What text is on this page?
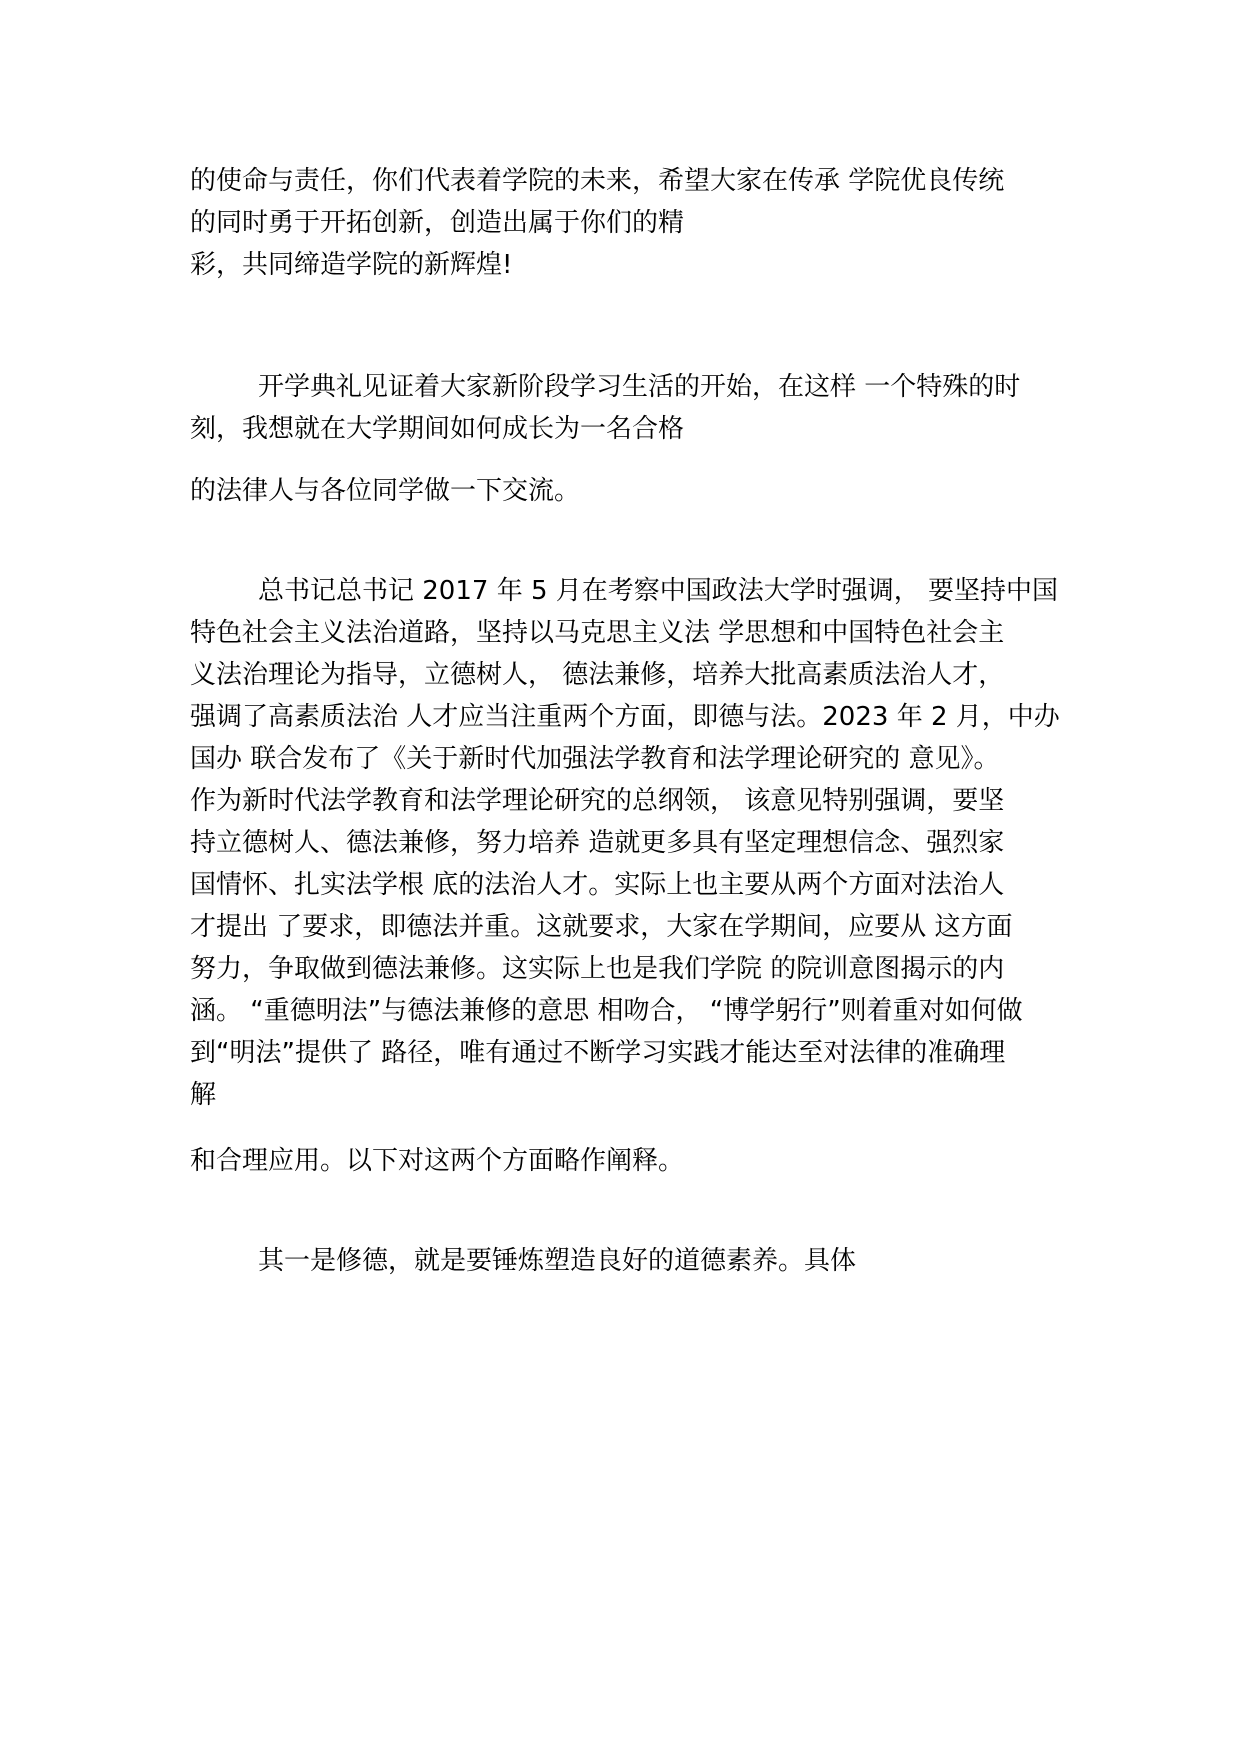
的使命与责任，你们代表着学院的未来，希望大家在传承 学院优良传统
的同时勇于开拓创新，创造出属于你们的精
彩，共同缔造学院的新辉煌!
开学典礼见证着大家新阶段学习生活的开始，在这样 一个特殊的时
刻，我想就在大学期间如何成长为一名合格
的法律人与各位同学做一下交流。
总书记总书记 2017 年 5 月在考察中国政法大学时强调， 要坚持中国
特色社会主义法治道路，坚持以马克思主义法 学思想和中国特色社会主
义法治理论为指导，立德树人， 德法兼修，培养大批高素质法治人才，
强调了高素质法治 人才应当注重两个方面，即德与法。2023 年 2 月，中办
国办 联合发布了《关于新时代加强法学教育和法学理论研究的 意见》。
作为新时代法学教育和法学理论研究的总纲领， 该意见特别强调，要坚
持立德树人、德法兼修，努力培养 造就更多具有坚定理想信念、强烈家
国情怀、扎实法学根 底的法治人才。实际上也主要从两个方面对法治人
才提出 了要求，即德法并重。这就要求，大家在学期间，应要从 这方面
努力，争取做到德法兼修。这实际上也是我们学院 的院训意图揭示的内
涵。 “重德明法”与德法兼修的意思 相吻合， “博学躬行”则着重对如何做
到“明法”提供了 路径，唯有通过不断学习实践才能达至对法律的准确理
解
和合理应用。以下对这两个方面略作阐释。
其一是修德，就是要锤炼塑造良好的道德素养。具体
